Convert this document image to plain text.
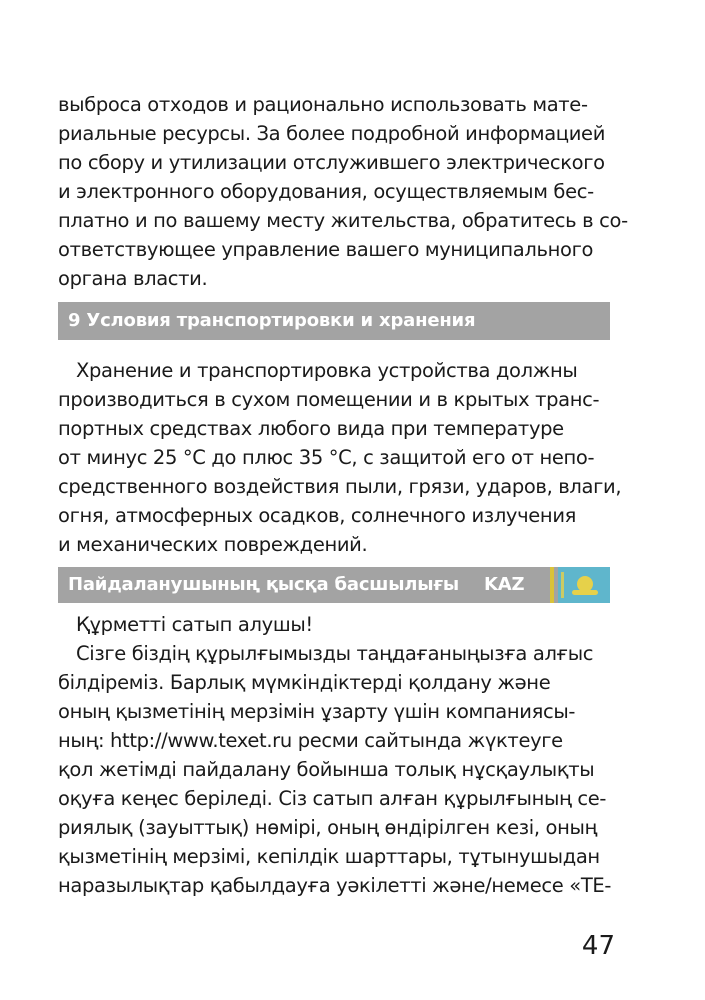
выброса отходов и рационально использовать мате-
риальные ресурсы. За более подробной информацией
по сбору и утилизации отслужившего электрического
и электронного оборудования, осуществляемым бес-
платно и по вашему месту жительства, обратитесь в со-
ответствующее управление вашего муниципального
органа власти.
9 Условия транспортировки и хранения
Хранение и транспортировка устройства должны
производиться в сухом помещении и в крытых транс-
портных средствах любого вида при температуре
от минус 25 °С до плюс 35 °С, с защитой его от непо-
средственного воздействия пыли, грязи, ударов, влаги,
огня, атмосферных осадков, солнечного излучения
и механических повреждений.
Пайдаланушының қысқа басшылығы KAZ
Құрметті сатып алушы!
Сізге біздің құрылғымызды таңдағаныңызға алғыс
білдіреміз. Барлық мүмкіндіктерді қолдану және
оның қызметінің мерзімін ұзарту үшін компаниясы-
ның: http://www.texet.ru ресми сайтында жүктеуге
қол жетімді пайдалану бойынша толық нұсқаулықты
оқуға кеңес беріледі. Сіз сатып алған құрылғының се-
риялық (зауыттық) нөмірі, оның өндірілген кезі, оның
қызметінің мерзімі, кепілдік шарттары, тұтынушыдан
наразылықтар қабылдауға уәкілетті және/немесе «ТЕ-
47
